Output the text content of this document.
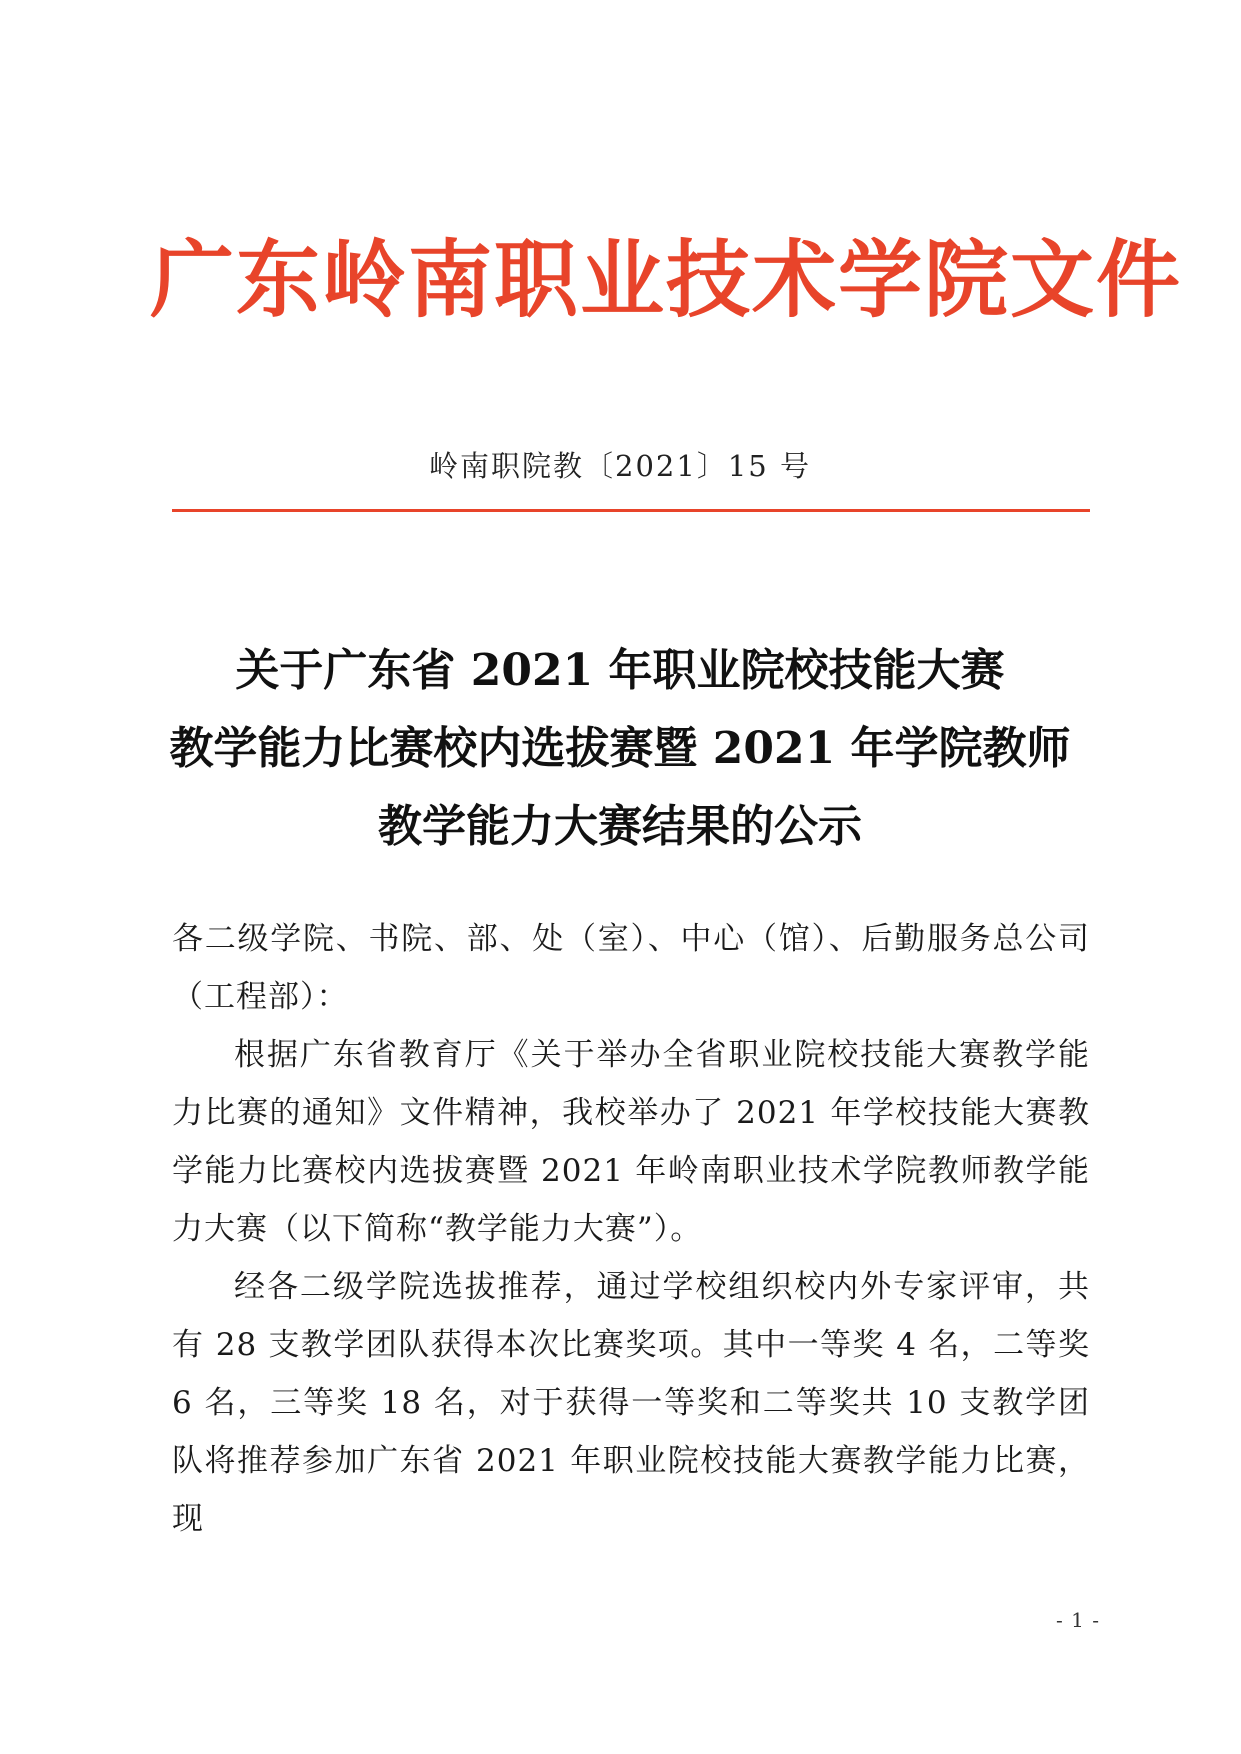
广东岭南职业技术学院文件
岭南职院教〔2021〕15 号
关于广东省 2021 年职业院校技能大赛
教学能力比赛校内选拔赛暨 2021 年学院教师
教学能力大赛结果的公示

各二级学院、书院、部、处（室）、中心（馆）、后勤服务总公司（工程部）：

根据广东省教育厅《关于举办全省职业院校技能大赛教学能力比赛的通知》文件精神，我校举办了 2021 年学校技能大赛教学能力比赛校内选拔赛暨 2021 年岭南职业技术学院教师教学能力大赛（以下简称“教学能力大赛”）。

经各二级学院选拔推荐，通过学校组织校内外专家评审，共有 28 支教学团队获得本次比赛奖项。其中一等奖 4 名，二等奖 6 名，三等奖 18 名，对于获得一等奖和二等奖共 10 支教学团队将推荐参加广东省 2021 年职业院校技能大赛教学能力比赛，现

- 1 -
